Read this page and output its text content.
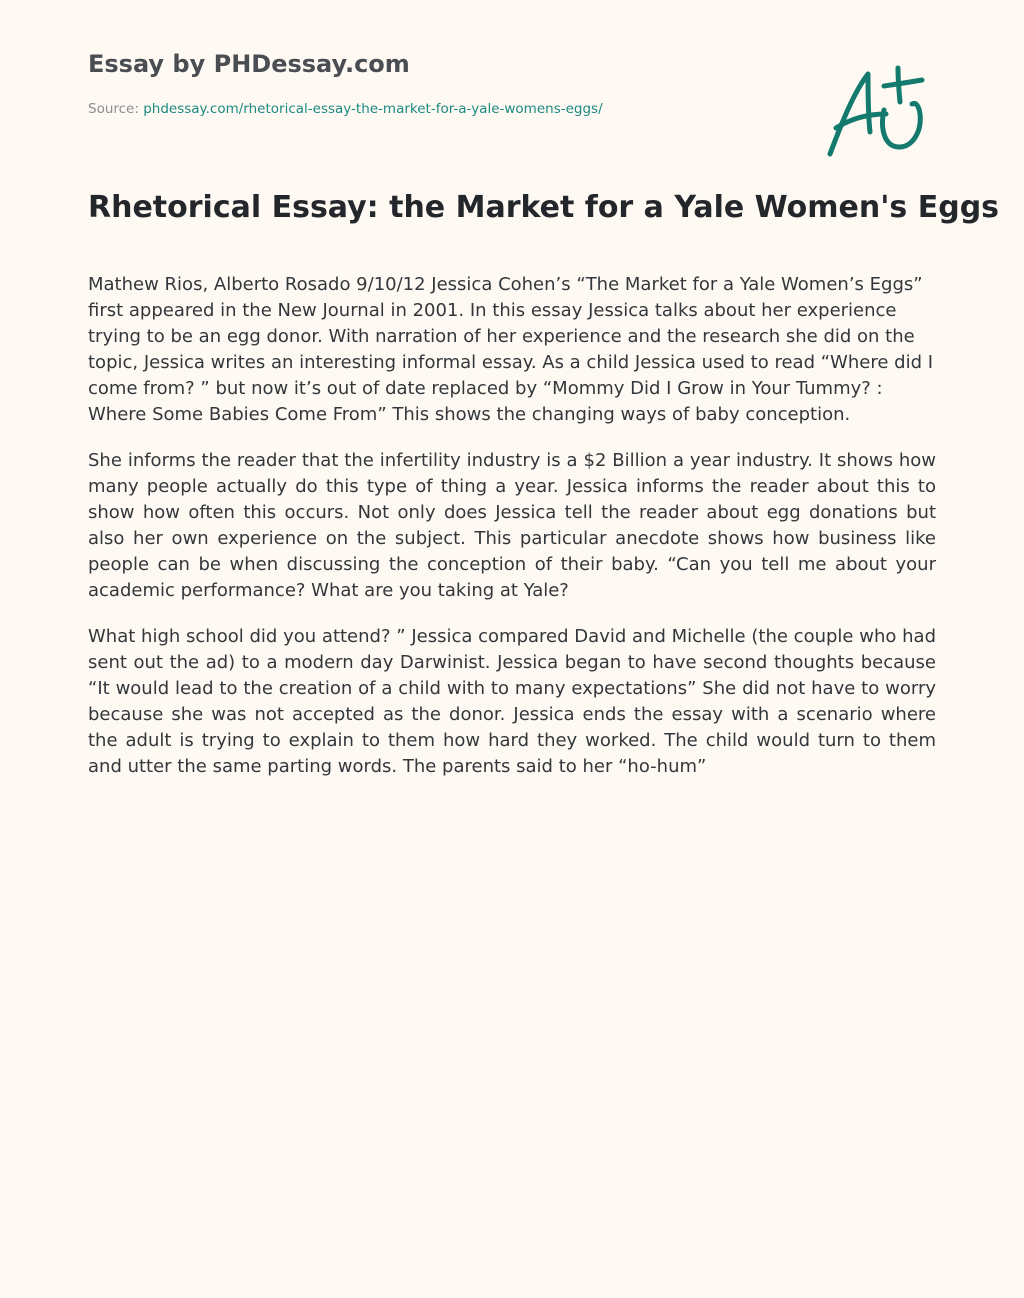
Essay by PHDessay.com
Source: phdessay.com/rhetorical-essay-the-market-for-a-yale-womens-eggs/
Rhetorical Essay: the Market for a Yale Women's Eggs

Mathew Rios, Alberto Rosado 9/10/12 Jessica Cohen’s “The Market for a Yale Women’s Eggs” first appeared in the New Journal in 2001. In this essay Jessica talks about her experience trying to be an egg donor. With narration of her experience and the research she did on the topic, Jessica writes an interesting informal essay. As a child Jessica used to read “Where did I come from? ” but now it’s out of date replaced by “Mommy Did I Grow in Your Tummy? : Where Some Babies Come From” This shows the changing ways of baby conception.

She informs the reader that the infertility industry is a $2 Billion a year industry. It shows how many people actually do this type of thing a year. Jessica informs the reader about this to show how often this occurs. Not only does Jessica tell the reader about egg donations but also her own experience on the subject. This particular anecdote shows how business like people can be when discussing the conception of their baby. “Can you tell me about your academic performance? What are you taking at Yale?

What high school did you attend? ” Jessica compared David and Michelle (the couple who had sent out the ad) to a modern day Darwinist. Jessica began to have second thoughts because “It would lead to the creation of a child with to many expectations” She did not have to worry because she was not accepted as the donor. Jessica ends the essay with a scenario where the adult is trying to explain to them how hard they worked. The child would turn to them and utter the same parting words. The parents said to her “ho-hum”
